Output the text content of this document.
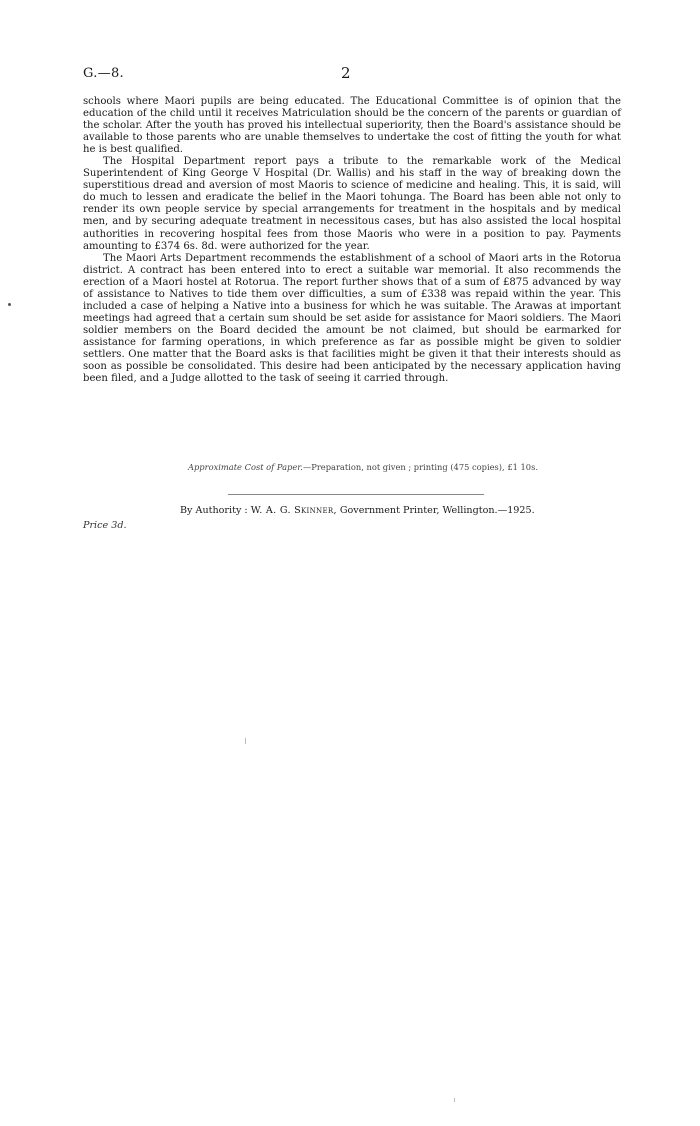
G.—8.	2

schools where Maori pupils are being educated. The Educational Committee is of opinion that the education of the child until it receives Matriculation should be the concern of the parents or guardian of the scholar. After the youth has proved his intellectual superiority, then the Board's assistance should be available to those parents who are unable themselves to undertake the cost of fitting the youth for what he is best qualified.

The Hospital Department report pays a tribute to the remarkable work of the Medical Superintendent of King George V Hospital (Dr. Wallis) and his staff in the way of breaking down the superstitious dread and aversion of most Maoris to science of medicine and healing. This, it is said, will do much to lessen and eradicate the belief in the Maori tohunga. The Board has been able not only to render its own people service by special arrangements for treatment in the hospitals and by medical men, and by securing adequate treatment in necessitous cases, but has also assisted the local hospital authorities in recovering hospital fees from those Maoris who were in a position to pay. Payments amounting to £374 6s. 8d. were authorized for the year.

The Maori Arts Department recommends the establishment of a school of Maori arts in the Rotorua district. A contract has been entered into to erect a suitable war memorial. It also recommends the erection of a Maori hostel at Rotorua. The report further shows that of a sum of £875 advanced by way of assistance to Natives to tide them over difficulties, a sum of £338 was repaid within the year. This included a case of helping a Native into a business for which he was suitable. The Arawas at important meetings had agreed that a certain sum should be set aside for assistance for Maori soldiers. The Maori soldier members on the Board decided the amount be not claimed, but should be earmarked for assistance for farming operations, in which preference as far as possible might be given to soldier settlers. One matter that the Board asks is that facilities might be given it that their interests should as soon as possible be consolidated. This desire had been anticipated by the necessary application having been filed, and a Judge allotted to the task of seeing it carried through.

Approximate Cost of Paper.—Preparation, not given ; printing (475 copies), £1 10s.
By Authority : W. A. G. Skinner, Government Printer, Wellington.—1925.
Price 3d.
